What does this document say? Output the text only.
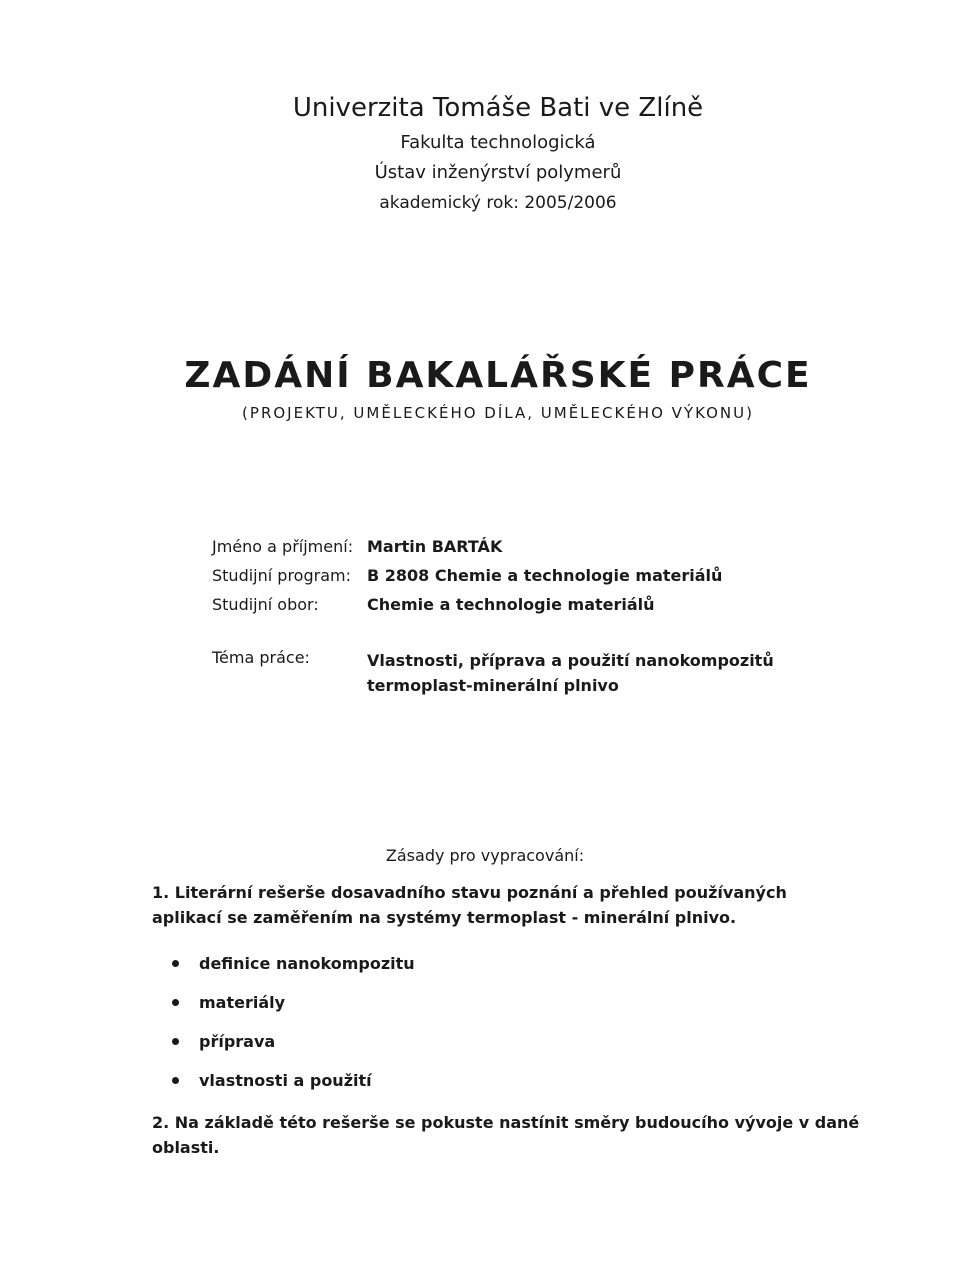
Univerzita Tomáše Bati ve Zlíně
Fakulta technologická
Ústav inženýrství polymerů
akademický rok: 2005/2006
ZADÁNÍ BAKALÁŘSKÉ PRÁCE
(PROJEKTU, UMĚLECKÉHO DÍLA, UMĚLECKÉHO VÝKONU)
Jméno a příjmení: Martin BARTÁK
Studijní program:	B 2808 Chemie a technologie materiálů
Studijní obor:	Chemie a technologie materiálů
Téma práce:	Vlastnosti, příprava a použití nanokompozitů
termoplast-minerální plnivo
Zásady pro vypracování:
1. Literární rešerše dosavadního stavu poznání a přehled používaných aplikací se zaměřením na systémy termoplast - minerální plnivo.
definice nanokompozitu
materiály
příprava
vlastnosti a použití
2. Na základě této rešerše se pokuste nastínit směry budoucího vývoje v dané oblasti.
